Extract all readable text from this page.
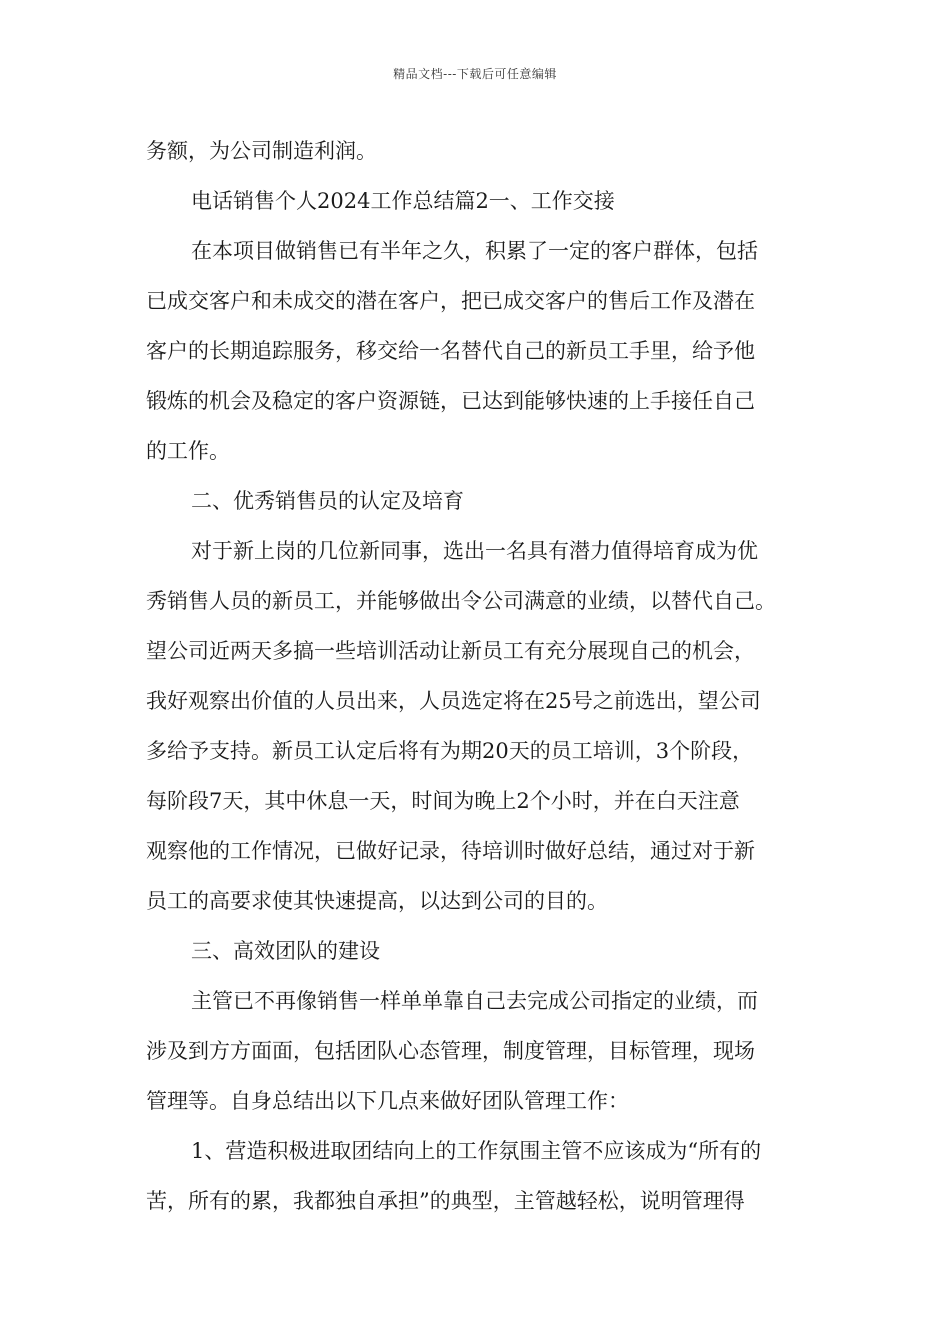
精品文档---下载后可任意编辑
务额，为公司制造利润。
电话销售个人2024工作总结篇2一、工作交接
在本项目做销售已有半年之久，积累了一定的客户群体，包括
已成交客户和未成交的潜在客户，把已成交客户的售后工作及潜在
客户的长期追踪服务，移交给一名替代自己的新员工手里，给予他
锻炼的机会及稳定的客户资源链，已达到能够快速的上手接任自己
的工作。
二、优秀销售员的认定及培育
对于新上岗的几位新同事，选出一名具有潜力值得培育成为优
秀销售人员的新员工，并能够做出令公司满意的业绩，以替代自己。
望公司近两天多搞一些培训活动让新员工有充分展现自己的机会，
我好观察出价值的人员出来，人员选定将在25号之前选出，望公司
多给予支持。新员工认定后将有为期20天的员工培训，3个阶段，
每阶段7天，其中休息一天，时间为晚上2个小时，并在白天注意
观察他的工作情况，已做好记录，待培训时做好总结，通过对于新
员工的高要求使其快速提高，以达到公司的目的。
三、高效团队的建设
主管已不再像销售一样单单靠自己去完成公司指定的业绩，而
涉及到方方面面，包括团队心态管理，制度管理，目标管理，现场
管理等。自身总结出以下几点来做好团队管理工作：
1、营造积极进取团结向上的工作氛围主管不应该成为“所有的
苦，所有的累，我都独自承担”的典型，主管越轻松，说明管理得
